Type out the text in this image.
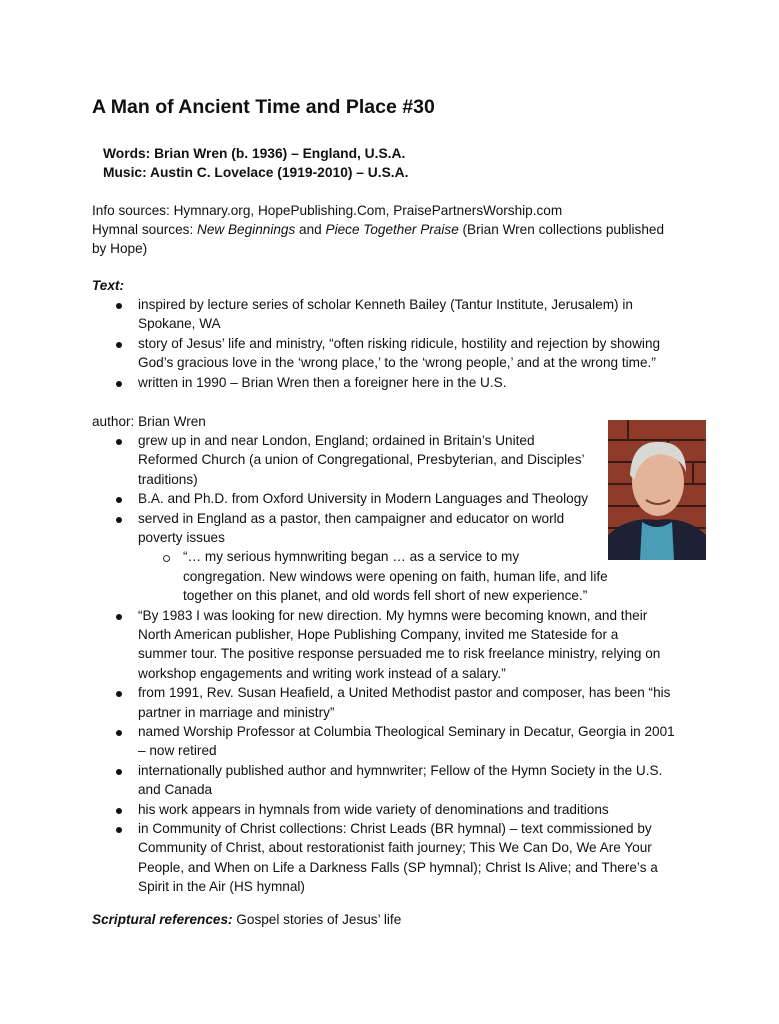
A Man of Ancient Time and Place #30
Words: Brian Wren (b. 1936) – England, U.S.A.
Music: Austin C. Lovelace (1919-2010) – U.S.A.
Info sources: Hymnary.org, HopePublishing.Com, PraisePartnersWorship.com
Hymnal sources: New Beginnings and Piece Together Praise (Brian Wren collections published
by Hope)
Text:
inspired by lecture series of scholar Kenneth Bailey (Tantur Institute, Jerusalem) in
Spokane, WA
story of Jesus’ life and ministry, “often risking ridicule, hostility and rejection by showing
God’s gracious love in the ‘wrong place,’ to the ‘wrong people,’ and at the wrong time.”
written in 1990 – Brian Wren then a foreigner here in the U.S.
author: Brian Wren
grew up in and near London, England; ordained in Britain’s United
Reformed Church (a union of Congregational, Presbyterian, and Disciples’
traditions)
B.A. and Ph.D. from Oxford University in Modern Languages and Theology
served in England as a pastor, then campaigner and educator on world
poverty issues
“… my serious hymnwriting began … as a service to my
congregation. New windows were opening on faith, human life, and life
together on this planet, and old words fell short of new experience.”
“By 1983 I was looking for new direction. My hymns were becoming known, and their
North American publisher, Hope Publishing Company, invited me Stateside for a
summer tour. The positive response persuaded me to risk freelance ministry, relying on
workshop engagements and writing work instead of a salary.”
from 1991, Rev. Susan Heafield, a United Methodist pastor and composer, has been “his
partner in marriage and ministry”
named Worship Professor at Columbia Theological Seminary in Decatur, Georgia in 2001
– now retired
internationally published author and hymnwriter; Fellow of the Hymn Society in the U.S.
and Canada
his work appears in hymnals from wide variety of denominations and traditions
in Community of Christ collections: Christ Leads (BR hymnal) – text commissioned by
Community of Christ, about restorationist faith journey; This We Can Do, We Are Your
People, and When on Life a Darkness Falls (SP hymnal); Christ Is Alive; and There’s a
Spirit in the Air (HS hymnal)
Scriptural references: Gospel stories of Jesus’ life
